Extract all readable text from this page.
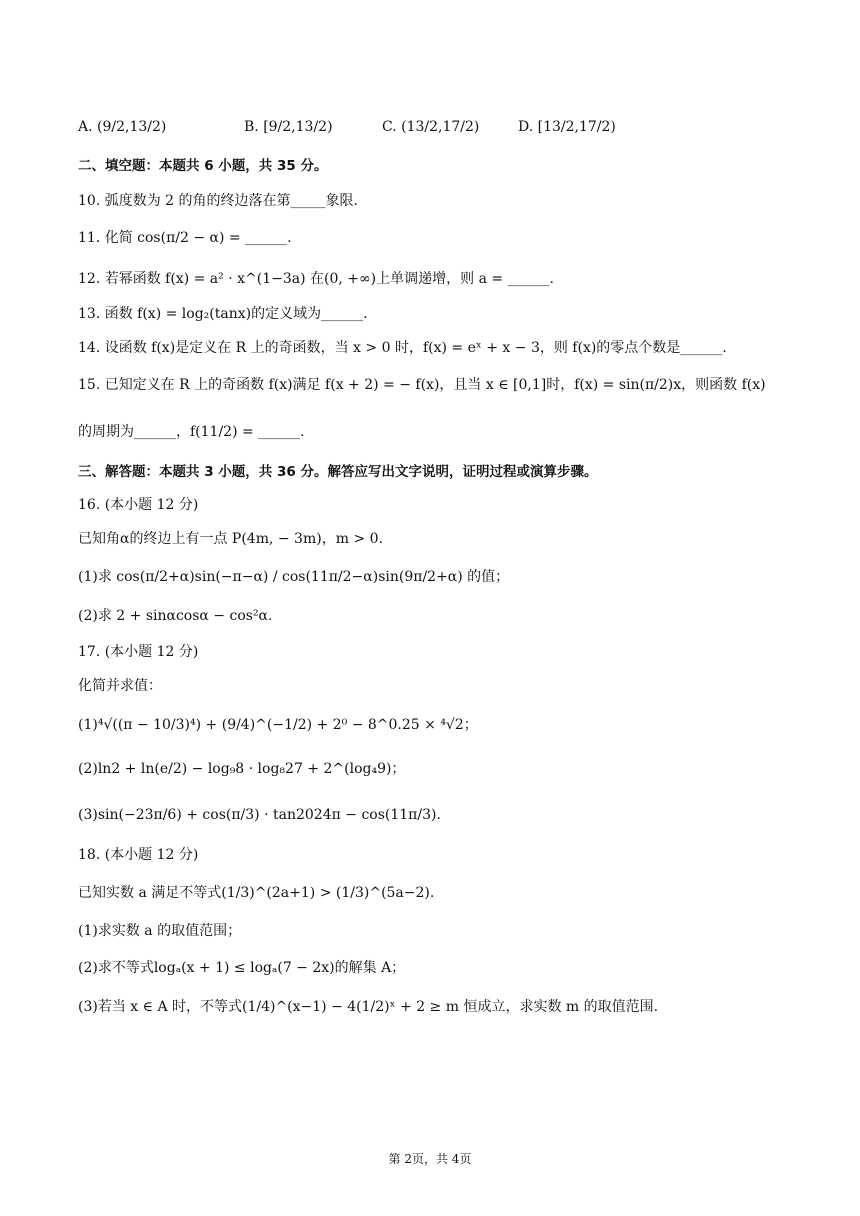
A. (9/2,13/2)	B. [9/2,13/2)	C. (13/2,17/2)	D. [13/2,17/2)
二、填空题：本题共 6 小题，共 35 分。
10. 弧度数为 2 的角的终边落在第_____象限.
11. 化简 cos(π/2 − α) = ______.
12. 若幂函数 f(x) = a² · x^(1−3a) 在(0, +∞)上单调递增，则 a = ______.
13. 函数 f(x) = log₂(tanx)的定义域为______.
14. 设函数 f(x)是定义在 R 上的奇函数，当 x > 0 时，f(x) = eˣ + x − 3，则 f(x)的零点个数是______.
15. 已知定义在 R 上的奇函数 f(x)满足 f(x + 2) = − f(x)，且当 x ∈ [0,1]时，f(x) = sin(π/2)x，则函数 f(x)
的周期为______，f(11/2) = ______.
三、解答题：本题共 3 小题，共 36 分。解答应写出文字说明，证明过程或演算步骤。
16. (本小题 12 分)
已知角α的终边上有一点 P(4m, − 3m)，m > 0.
(1)求 cos(π/2+α)sin(−π−α) / cos(11π/2−α)sin(9π/2+α) 的值；
(2)求 2 + sinαcosα − cos²α.
17. (本小题 12 分)
化简并求值：
(1)⁴√((π − 10/3)⁴) + (9/4)^(−1/2) + 2⁰ − 8^0.25 × ⁴√2；
(2)ln2 + ln(e/2) − log₉8 · log₈27 + 2^(log₄9)；
(3)sin(−23π/6) + cos(π/3) · tan2024π − cos(11π/3).
18. (本小题 12 分)
已知实数 a 满足不等式(1/3)^(2a+1) > (1/3)^(5a−2).
(1)求实数 a 的取值范围；
(2)求不等式logₐ(x + 1) ≤ logₐ(7 − 2x)的解集 A；
(3)若当 x ∈ A 时，不等式(1/4)^(x−1) − 4(1/2)ˣ + 2 ≥ m 恒成立，求实数 m 的取值范围.
第 2页，共 4页
